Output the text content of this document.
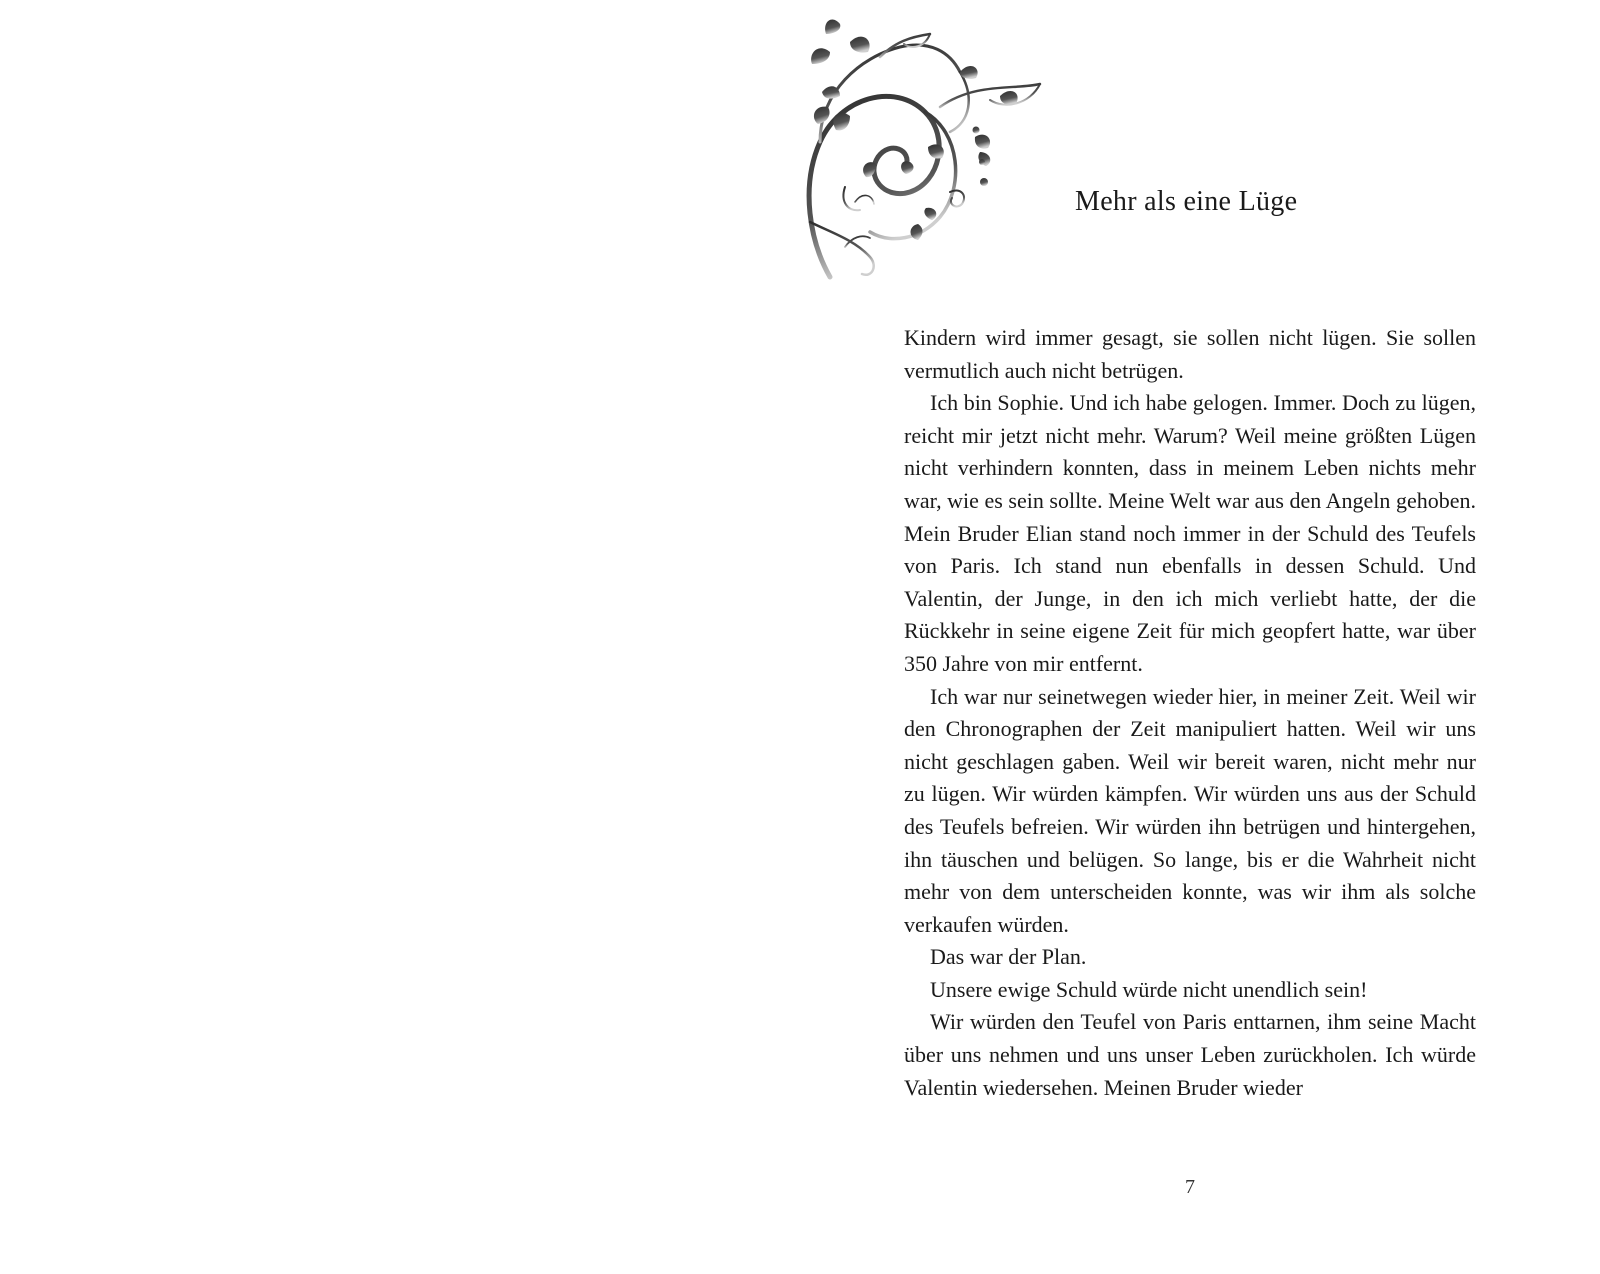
Mehr als eine Lüge

Kindern wird immer gesagt, sie sollen nicht lügen. Sie sollen vermutlich auch nicht betrügen.

Ich bin Sophie. Und ich habe gelogen. Immer. Doch zu lügen, reicht mir jetzt nicht mehr. Warum? Weil meine größten Lügen nicht verhindern konnten, dass in meinem Leben nichts mehr war, wie es sein sollte. Meine Welt war aus den Angeln gehoben. Mein Bruder Elian stand noch immer in der Schuld des Teufels von Paris. Ich stand nun ebenfalls in dessen Schuld. Und Valentin, der Junge, in den ich mich verliebt hatte, der die Rückkehr in seine eigene Zeit für mich geopfert hatte, war über 350 Jahre von mir entfernt.

Ich war nur seinetwegen wieder hier, in meiner Zeit. Weil wir den Chronographen der Zeit manipuliert hatten. Weil wir uns nicht geschlagen gaben. Weil wir bereit waren, nicht mehr nur zu lügen. Wir würden kämpfen. Wir würden uns aus der Schuld des Teufels befreien. Wir würden ihn betrügen und hintergehen, ihn täuschen und belügen. So lange, bis er die Wahrheit nicht mehr von dem unterscheiden konnte, was wir ihm als solche verkaufen würden.

Das war der Plan.

Unsere ewige Schuld würde nicht unendlich sein!

Wir würden den Teufel von Paris enttarnen, ihm seine Macht über uns nehmen und uns unser Leben zurückholen. Ich würde Valentin wiedersehen. Meinen Bruder wieder

7
